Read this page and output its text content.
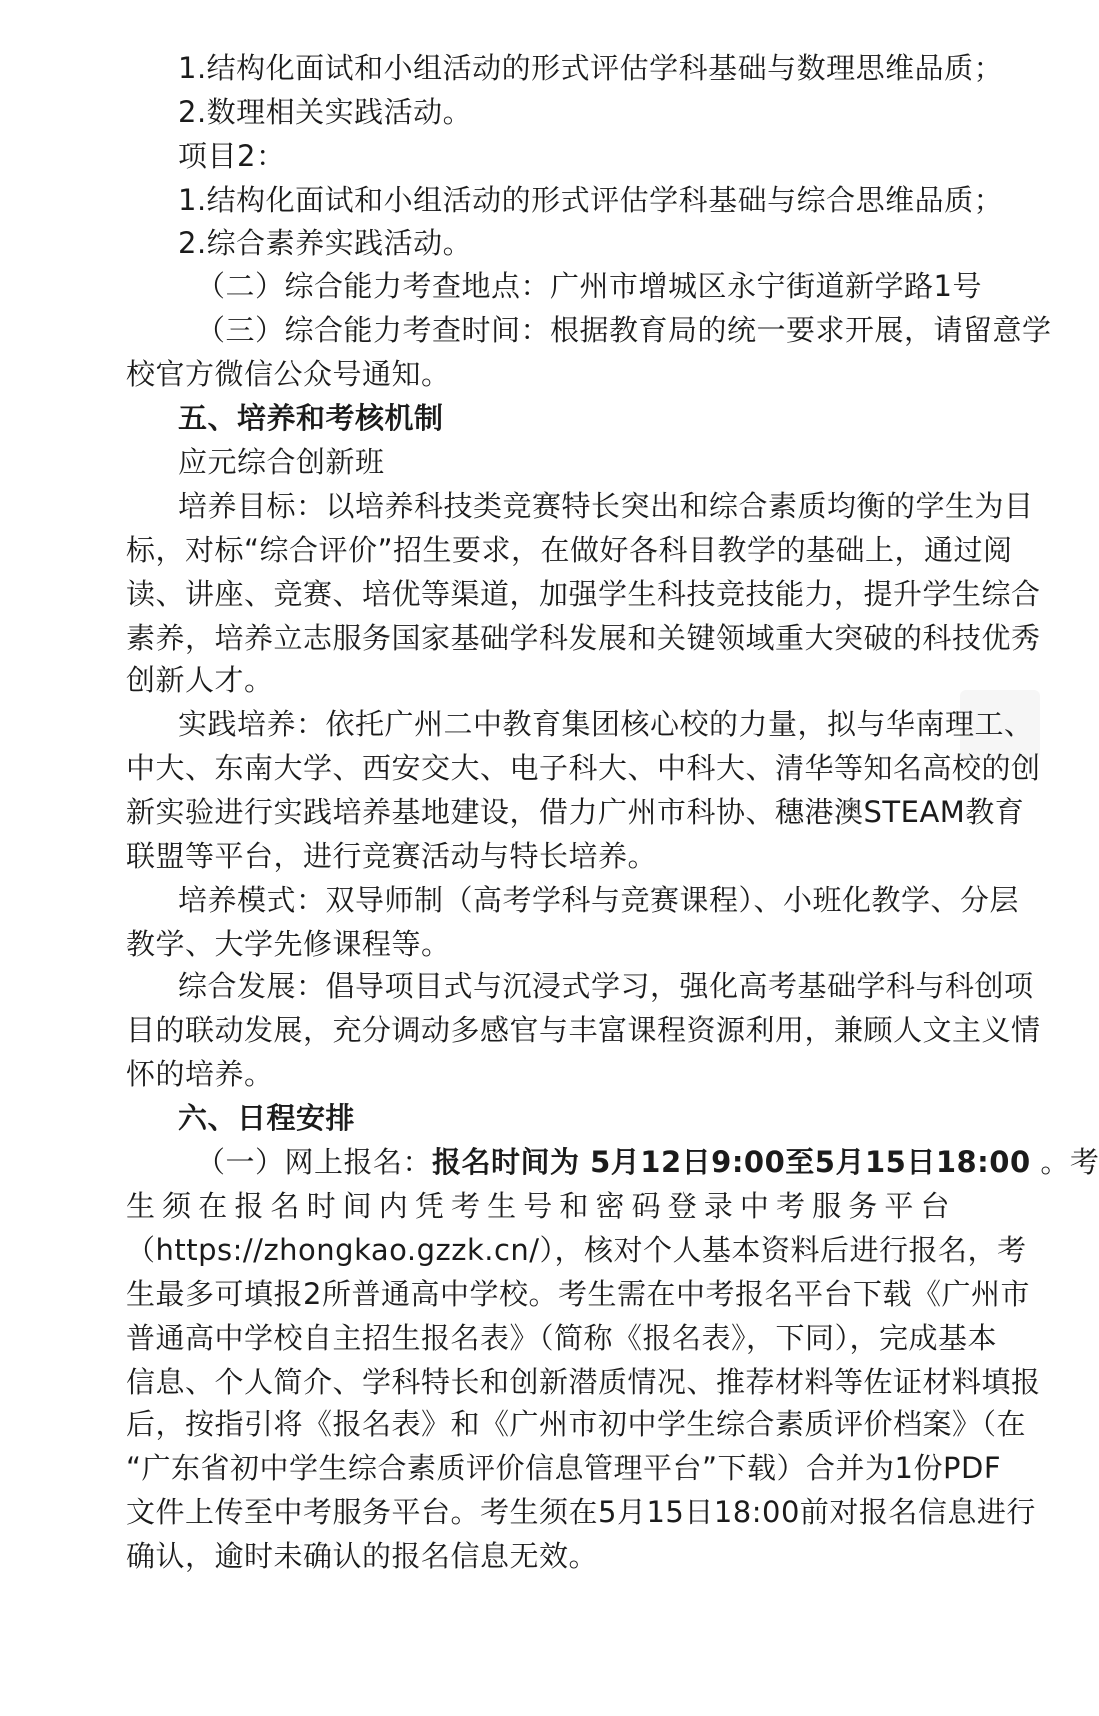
1.结构化面试和小组活动的形式评估学科基础与数理思维品质；
2.数理相关实践活动。
项目2：
1.结构化面试和小组活动的形式评估学科基础与综合思维品质；
2.综合素养实践活动。
（二）综合能力考查地点：广州市增城区永宁街道新学路1号
（三）综合能力考查时间：根据教育局的统一要求开展，请留意学
校官方微信公众号通知。
五、培养和考核机制
应元综合创新班
培养目标：以培养科技类竞赛特长突出和综合素质均衡的学生为目
标，对标“综合评价”招生要求，在做好各科目教学的基础上，通过阅
读、讲座、竞赛、培优等渠道，加强学生科技竞技能力，提升学生综合
素养，培养立志服务国家基础学科发展和关键领域重大突破的科技优秀
创新人才。
实践培养：依托广州二中教育集团核心校的力量，拟与华南理工、
中大、东南大学、西安交大、电子科大、中科大、清华等知名高校的创
新实验进行实践培养基地建设，借力广州市科协、穗港澳STEAM教育
联盟等平台，进行竞赛活动与特长培养。
培养模式：双导师制（高考学科与竞赛课程）、小班化教学、分层
教学、大学先修课程等。
综合发展：倡导项目式与沉浸式学习，强化高考基础学科与科创项
目的联动发展，充分调动多感官与丰富课程资源利用，兼顾人文主义情
怀的培养。
六、日程安排
（一）网上报名：报名时间为 5月12日9:00至5月15日18:00 。考
生须在报名时间内凭考生号和密码登录中考服务平台
（https://zhongkao.gzzk.cn/），核对个人基本资料后进行报名，考
生最多可填报2所普通高中学校。考生需在中考报名平台下载《广州市
普通高中学校自主招生报名表》（简称《报名表》，下同），完成基本
信息、个人简介、学科特长和创新潜质情况、推荐材料等佐证材料填报
后，按指引将《报名表》和《广州市初中学生综合素质评价档案》（在
“广东省初中学生综合素质评价信息管理平台”下载）合并为1份PDF
文件上传至中考服务平台。考生须在5月15日18:00前对报名信息进行
确认，逾时未确认的报名信息无效。
